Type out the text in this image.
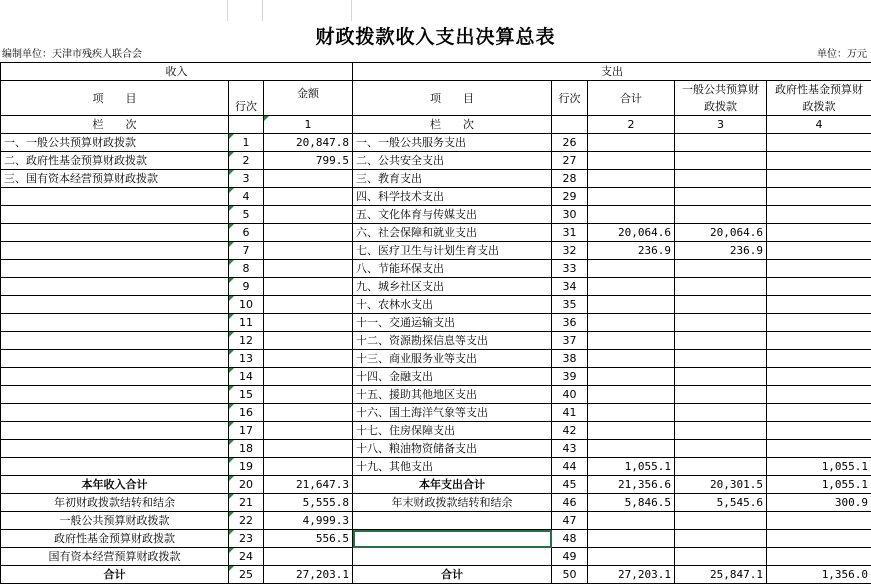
财政拨款收入支出决算总表
编制单位：天津市残疾人联合会	单位：万元
收入			支出				
项　　目	行次	金额	项　　目	行次	合计	一般公共预算财政拨款	政府性基金预算财政拨款

栏　　次		1	栏　　次		2	3	4
一、一般公共预算财政拨款	1	20,847.8	一、一般公共服务支出	26			
二、政府性基金预算财政拨款	2	799.5	二、公共安全支出	27			
三、国有资本经营预算财政拨款	3		三、教育支出	28			
	4		四、科学技术支出	29			
	5		五、文化体育与传媒支出	30			
	6		六、社会保障和就业支出	31	20,064.6	20,064.6	
	7		七、医疗卫生与计划生育支出	32	236.9	236.9	
	8		八、节能环保支出	33			
	9		九、城乡社区支出	34			
	10		十、农林水支出	35			
	11		十一、交通运输支出	36			
	12		十二、资源勘探信息等支出	37			
	13		十三、商业服务业等支出	38			
	14		十四、金融支出	39			
	15		十五、援助其他地区支出	40			
	16		十六、国土海洋气象等支出	41			
	17		十七、住房保障支出	42			
	18		十八、粮油物资储备支出	43			
	19		十九、其他支出	44	1,055.1		1,055.1
本年收入合计	20	21,647.3	本年支出合计	45	21,356.6	20,301.5	1,055.1
年初财政拨款结转和结余	21	5,555.8	年末财政拨款结转和结余	46	5,846.5	5,545.6	300.9
一般公共预算财政拨款	22	4,999.3		47			
政府性基金预算财政拨款	23	556.5		48			
国有资本经营预算财政拨款	24			49			
合计	25	27,203.1	合计	50	27,203.1	25,847.1	1,356.0
